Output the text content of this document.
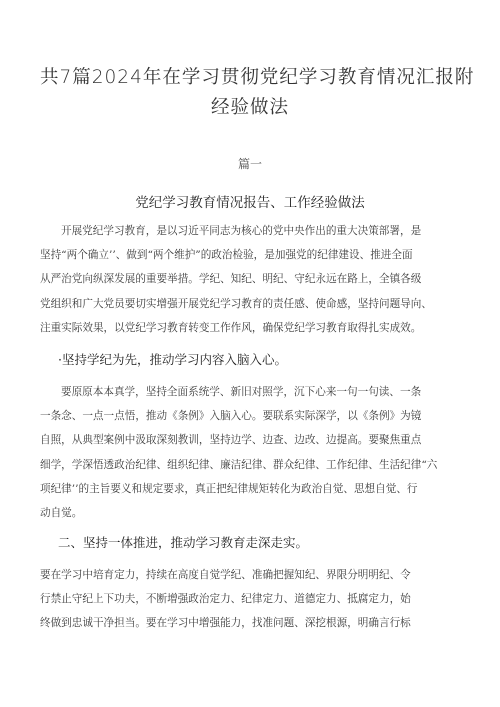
共7篇2024年在学习贯彻党纪学习教育情况汇报附
经验做法
篇一
党纪学习教育情况报告、工作经验做法
开展党纪学习教育，是以习近平同志为核心的党中央作出的重大决策部署，是
坚持“两个确立’’、做到“两个维护”的政治检验，是加强党的纪律建设、推进全面
从严治党向纵深发展的重要举措。学纪、知纪、明纪、守纪永远在路上，全镇各级
党组织和广大党员要切实增强开展党纪学习教育的责任感、使命感，坚持问题导向、
注重实际效果，以党纪学习教育转变工作作风，确保党纪学习教育取得扎实成效。
·坚持学纪为先，推动学习内容入脑入心。
要原原本本真学，坚持全面系统学、新旧对照学，沉下心来一句一句读、一条
一条念、一点一点悟，推动《条例》入脑入心。要联系实际深学，以《条例》为镜
自照，从典型案例中汲取深刻教训，坚持边学、边查、边改、边提高。要聚焦重点
细学，学深悟透政治纪律、组织纪律、廉洁纪律、群众纪律、工作纪律、生活纪律“六
项纪律’’的主旨要义和规定要求，真正把纪律规矩转化为政治自觉、思想自觉、行
动自觉。
二、坚持一体推进，推动学习教育走深走实。
要在学习中培育定力，持续在高度自觉学纪、准确把握知纪、界限分明明纪、令
行禁止守纪上下功夫，不断增强政治定力、纪律定力、道德定力、抵腐定力，始
终做到忠诚干净担当。要在学习中增强能力，找准问题、深挖根源，明确言行标
